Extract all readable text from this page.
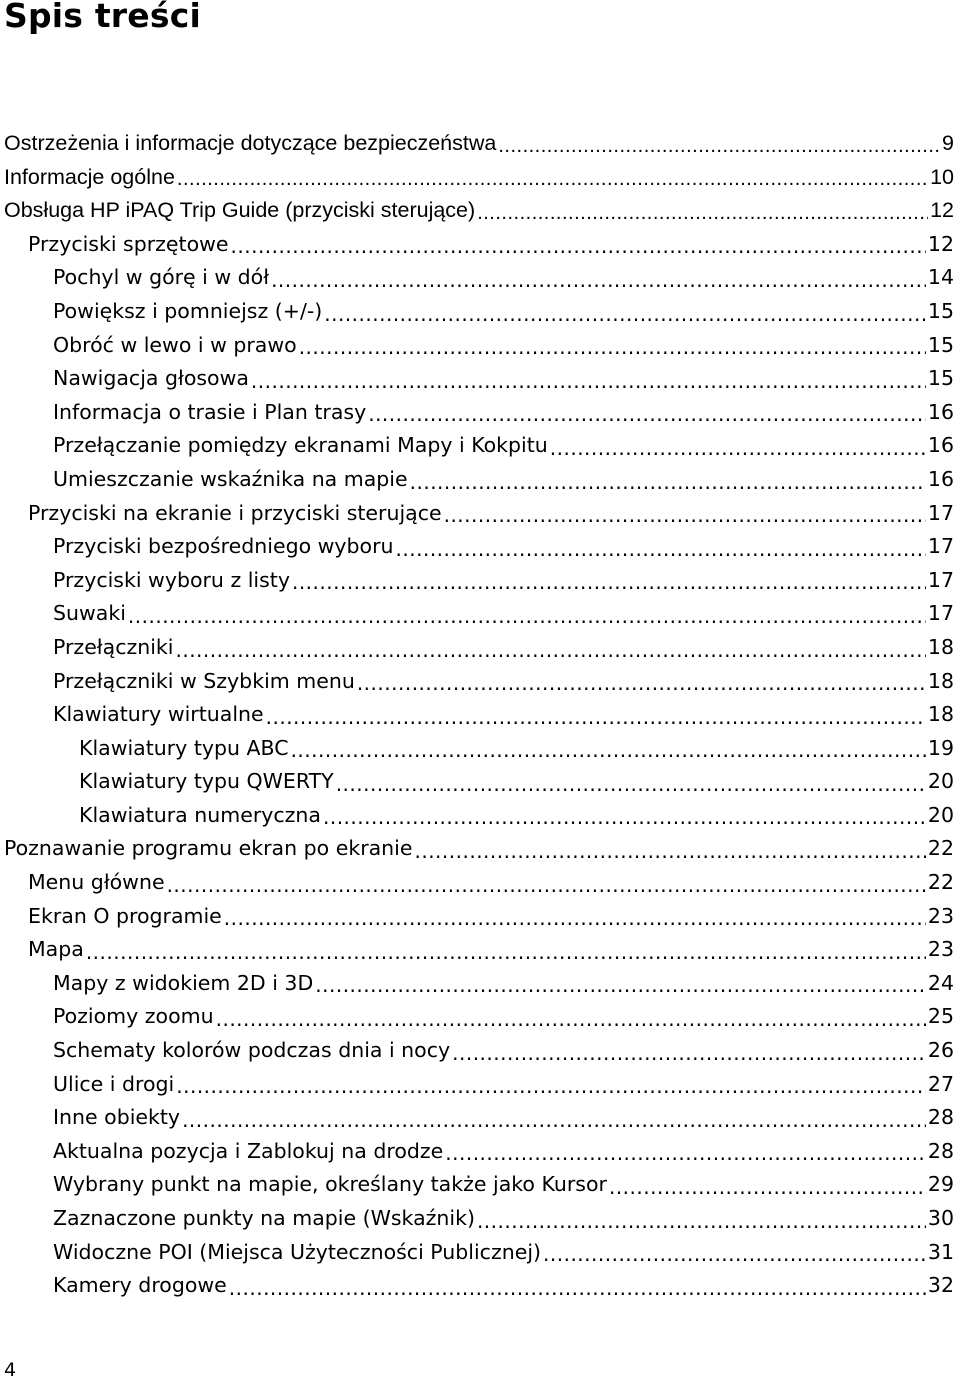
Spis treści
Ostrzeżenia i informacje dotyczące bezpieczeństwa .....	9
Informacje ogólne .....	10
Obsługa HP iPAQ Trip Guide (przyciski sterujące) .....	12
Przyciski sprzętowe .....	12
Pochyl w górę i w dół .....	14
Powiększ i pomniejsz (+/-) .....	15
Obróć w lewo i w prawo .....	15
Nawigacja głosowa .....	15
Informacja o trasie i Plan trasy .....	16
Przełączanie pomiędzy ekranami Mapy i Kokpitu .....	16
Umieszczanie wskaźnika na mapie .....	16
Przyciski na ekranie i przyciski sterujące .....	17
Przyciski bezpośredniego wyboru .....	17
Przyciski wyboru z listy .....	17
Suwaki .....	17
Przełączniki .....	18
Przełączniki w Szybkim menu .....	18
Klawiatury wirtualne .....	18
Klawiatury typu ABC .....	19
Klawiatury typu QWERTY .....	20
Klawiatura numeryczna .....	20
Poznawanie programu ekran po ekranie .....	22
Menu główne .....	22
Ekran O programie .....	23
Mapa .....	23
Mapy z widokiem 2D i 3D .....	24
Poziomy zoomu .....	25
Schematy kolorów podczas dnia i nocy .....	26
Ulice i drogi .....	27
Inne obiekty .....	28
Aktualna pozycja i Zablokuj na drodze .....	28
Wybrany punkt na mapie, określany także jako Kursor .....	29
Zaznaczone punkty na mapie (Wskaźnik) .....	30
Widoczne POI (Miejsca Użyteczności Publicznej) .....	31
Kamery drogowe .....	32
4
